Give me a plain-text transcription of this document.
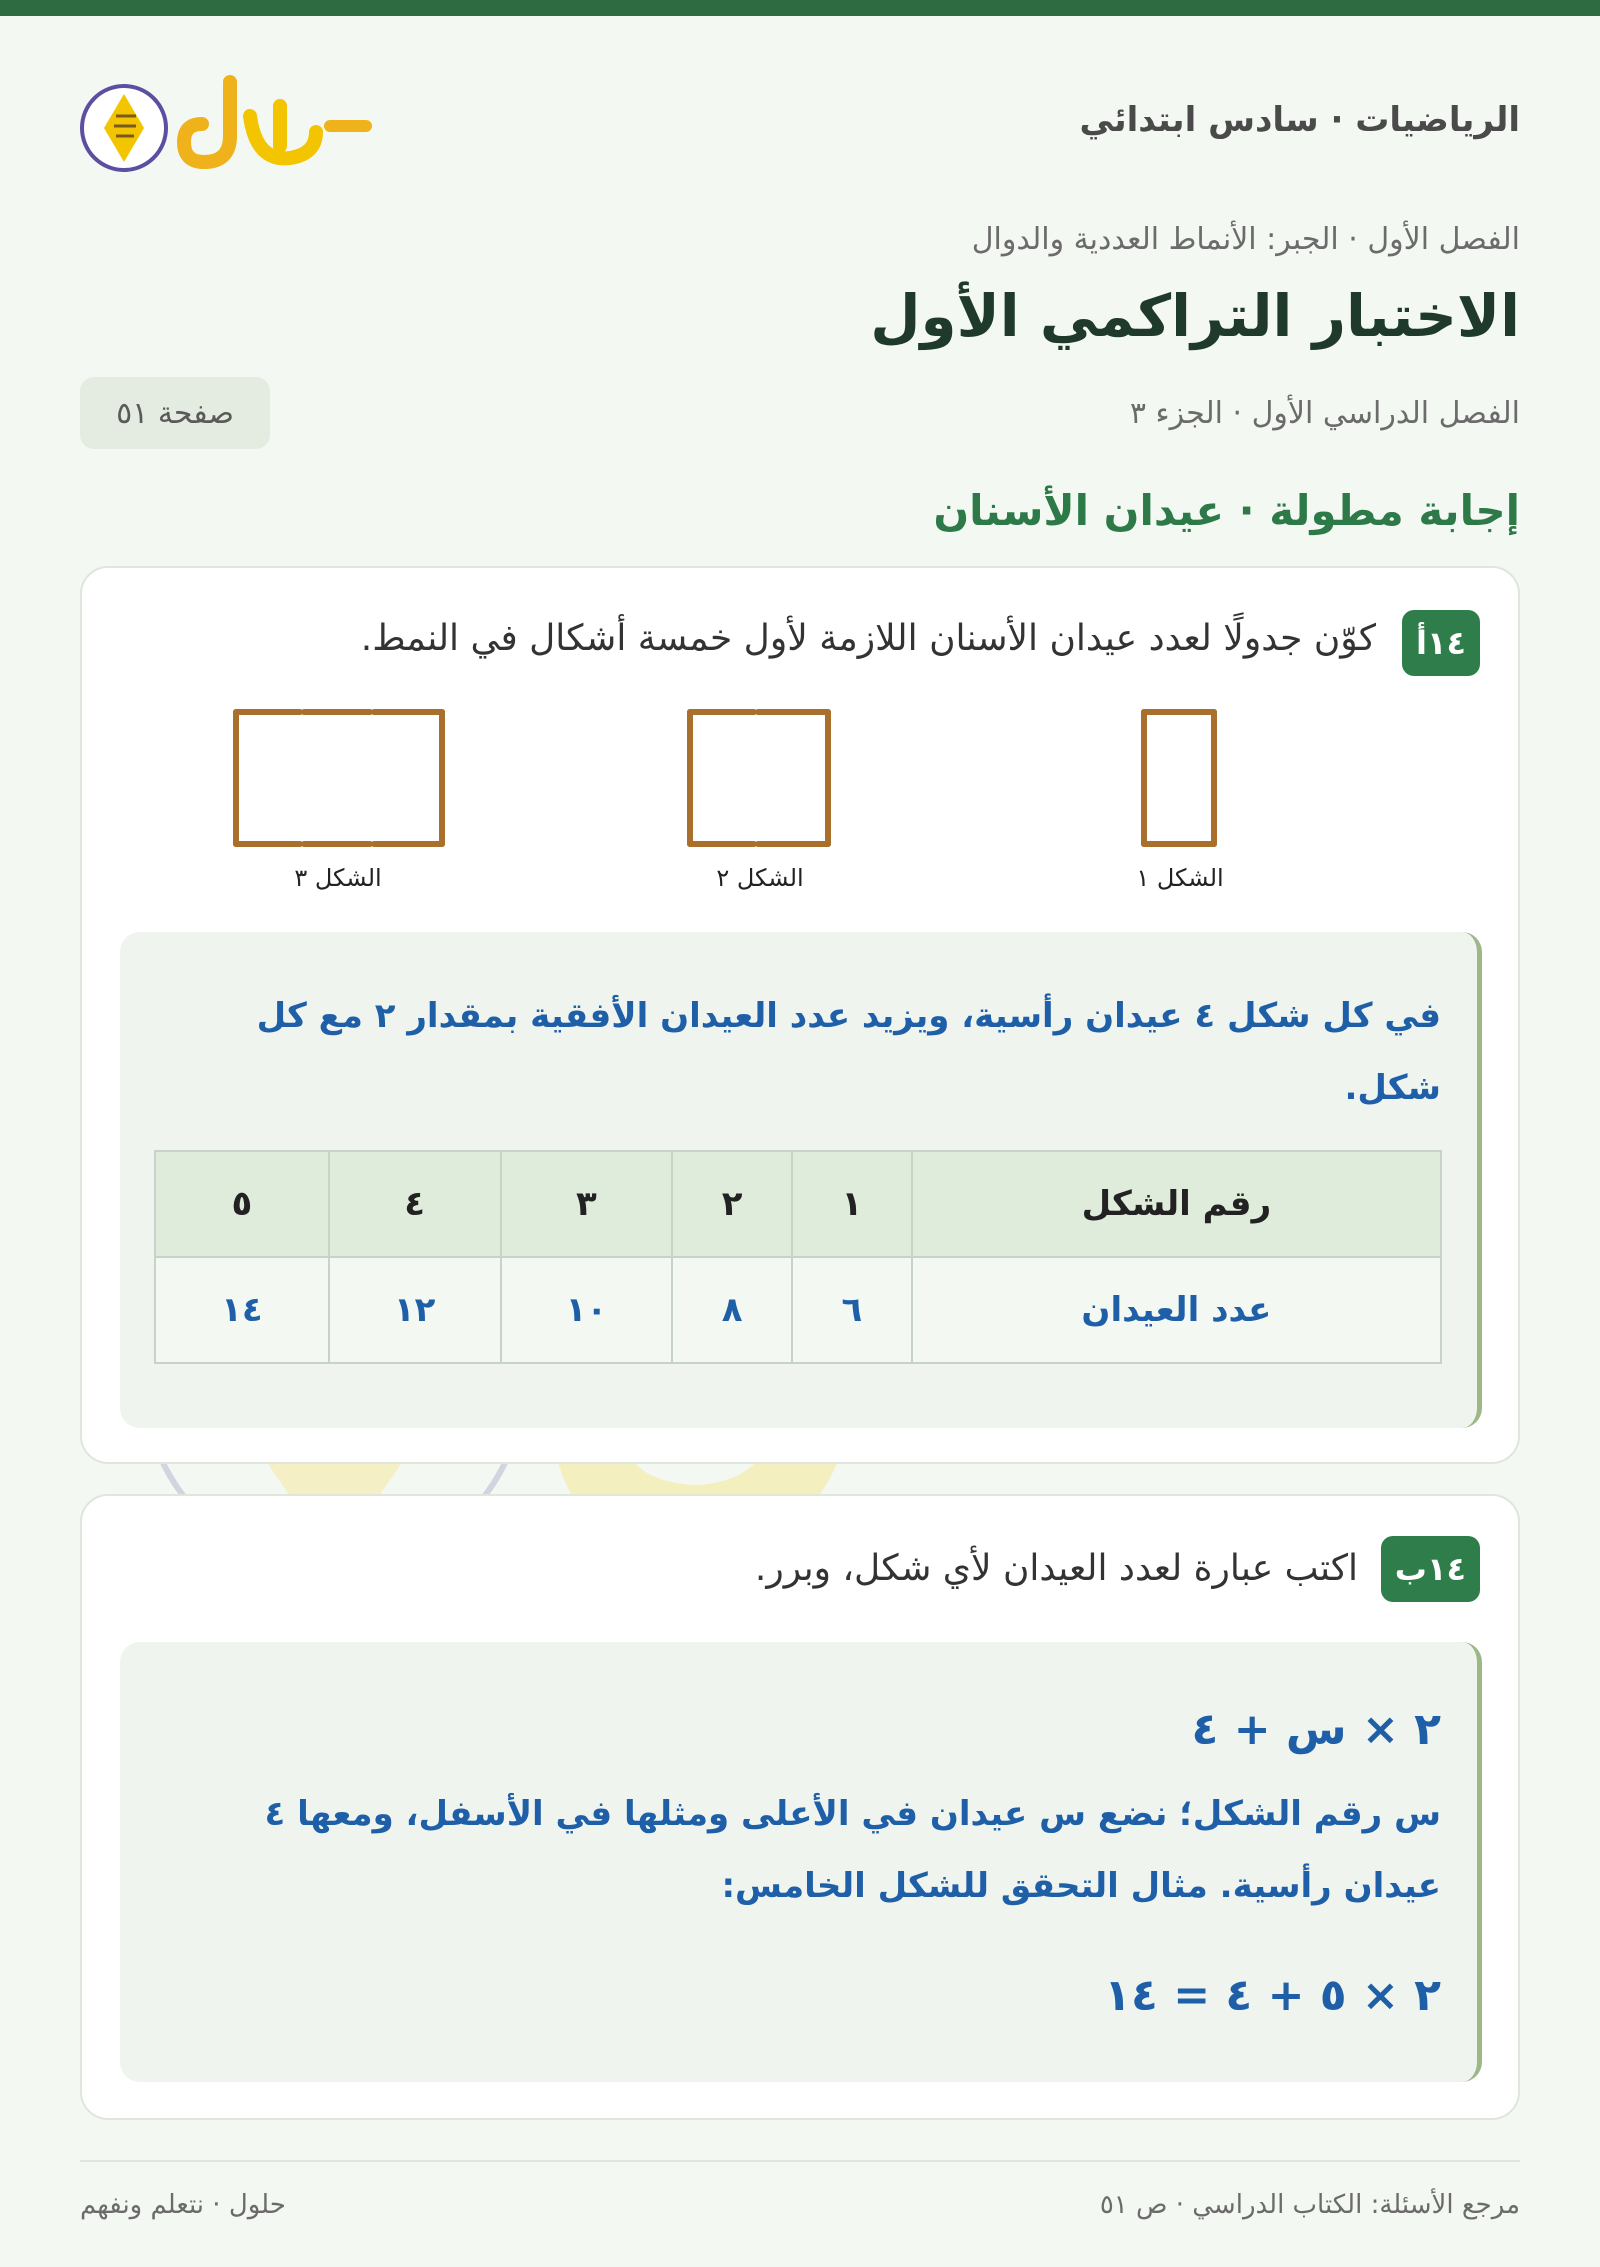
الرياضيات · سادس ابتدائي
الفصل الأول · الجبر: الأنماط العددية والدوال
الاختبار التراكمي الأول
الفصل الدراسي الأول · الجزء ٣
صفحة ٥١
إجابة مطولة · عيدان الأسنان
١٤أ
كوّن جدولًا لعدد عيدان الأسنان اللازمة لأول خمسة أشكال في النمط.
الشكل ١
الشكل ٢
الشكل ٣
في كل شكل ٤ عيدان رأسية، ويزيد عدد العيدان الأفقية بمقدار ٢ مع كل شكل.
رقم الشكل	١	٢	٣	٤	٥
عدد العيدان	٦	٨	١٠	١٢	١٤
١٤ب
اكتب عبارة لعدد العيدان لأي شكل، وبرر.
٢ × س + ٤
س رقم الشكل؛ نضع س عيدان في الأعلى ومثلها في الأسفل، ومعها ٤ عيدان رأسية. مثال التحقق للشكل الخامس:
٢ × ٥ + ٤ = ١٤
مرجع الأسئلة: الكتاب الدراسي · ص ٥١
حلول · نتعلم ونفهم
